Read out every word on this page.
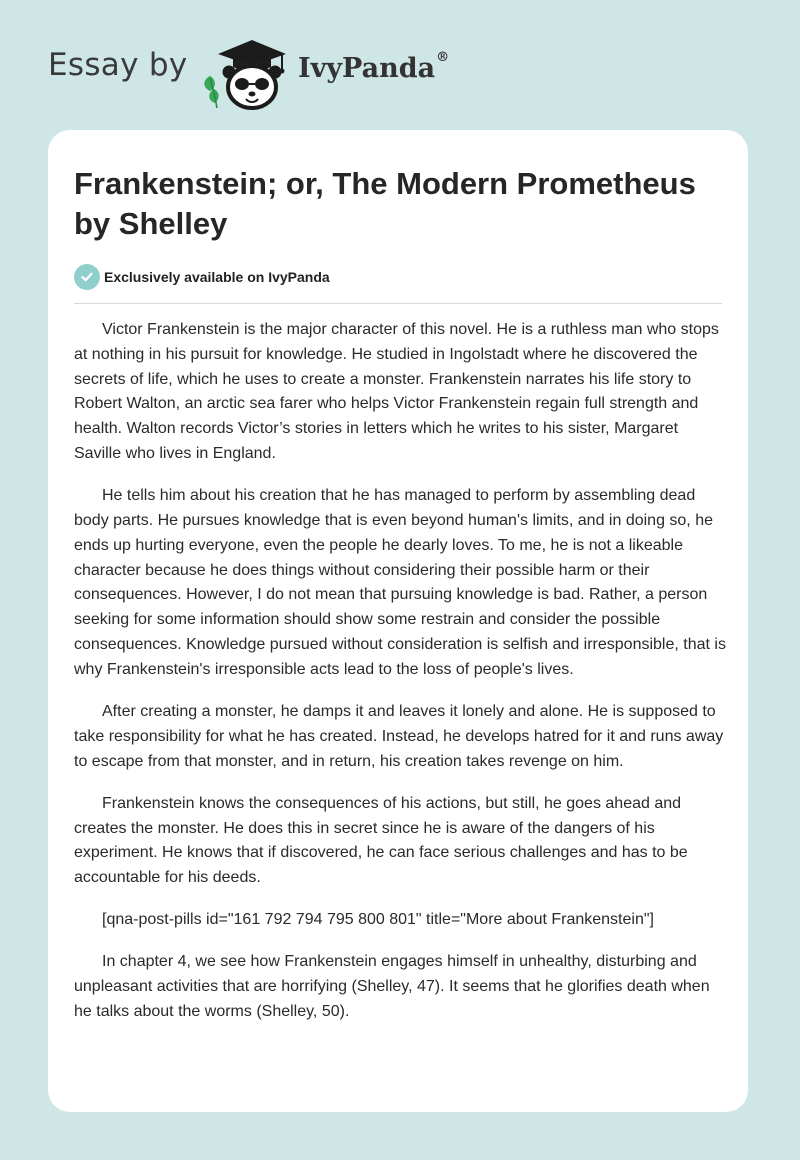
Essay by	IvyPanda®
Frankenstein; or, The Modern Prometheus by Shelley
Exclusively available on IvyPanda

Victor Frankenstein is the major character of this novel. He is a ruthless man who stops at nothing in his pursuit for knowledge. He studied in Ingolstadt where he discovered the secrets of life, which he uses to create a monster. Frankenstein narrates his life story to Robert Walton, an arctic sea farer who helps Victor Frankenstein regain full strength and health. Walton records Victor’s stories in letters which he writes to his sister, Margaret Saville who lives in England.

He tells him about his creation that he has managed to perform by assembling dead body parts. He pursues knowledge that is even beyond human's limits, and in doing so, he ends up hurting everyone, even the people he dearly loves. To me, he is not a likeable character because he does things without considering their possible harm or their consequences. However, I do not mean that pursuing knowledge is bad. Rather, a person seeking for some information should show some restrain and consider the possible consequences. Knowledge pursued without consideration is selfish and irresponsible, that is why Frankenstein's irresponsible acts lead to the loss of people's lives.

After creating a monster, he damps it and leaves it lonely and alone. He is supposed to take responsibility for what he has created. Instead, he develops hatred for it and runs away to escape from that monster, and in return, his creation takes revenge on him.

Frankenstein knows the consequences of his actions, but still, he goes ahead and creates the monster. He does this in secret since he is aware of the dangers of his experiment. He knows that if discovered, he can face serious challenges and has to be accountable for his deeds.

[qna-post-pills id="161 792 794 795 800 801" title="More about Frankenstein"]

In chapter 4, we see how Frankenstein engages himself in unhealthy, disturbing and unpleasant activities that are horrifying (Shelley, 47). It seems that he glorifies death when he talks about the worms (Shelley, 50).
